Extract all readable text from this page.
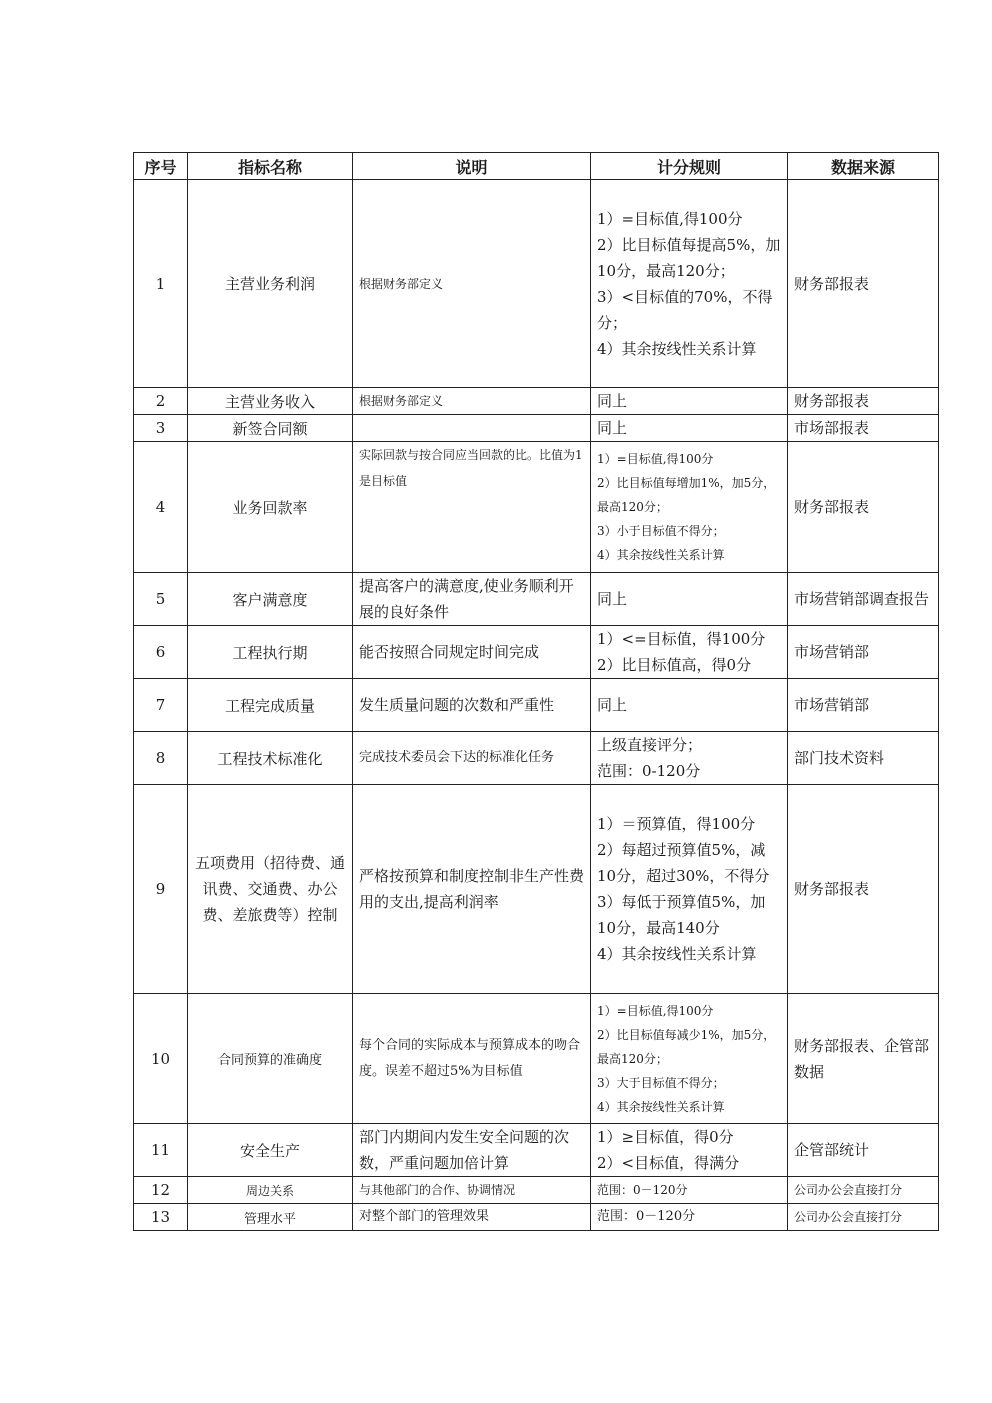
序号	指标名称	说明	计分规则	数据来源
1	主营业务利润	根据财务部定义	1）=目标值,得100分
2）比目标值每提高5%，加10分，最高120分；
3）<目标值的70%，不得分；
4）其余按线性关系计算	财务部报表
2	主营业务收入	根据财务部定义	同上	财务部报表
3	新签合同额		同上	市场部报表
4	业务回款率	实际回款与按合同应当回款的比。比值为1是目标值	1）=目标值,得100分
2）比目标值每增加1%，加5分，最高120分；
3）小于目标值不得分；
4）其余按线性关系计算	财务部报表
5	客户满意度	提高客户的满意度,使业务顺利开展的良好条件	同上	市场营销部调查报告
6	工程执行期	能否按照合同规定时间完成	1）<=目标值，得100分
2）比目标值高，得0分	市场营销部
7	工程完成质量	发生质量问题的次数和严重性	同上	市场营销部
8	工程技术标准化	完成技术委员会下达的标准化任务	上级直接评分；
范围：0-120分	部门技术资料
9	五项费用（招待费、通讯费、交通费、办公费、差旅费等）控制	严格按预算和制度控制非生产性费用的支出,提高利润率	1）＝预算值，得100分
2）每超过预算值5%，减10分，超过30%，不得分
3）每低于预算值5%，加10分，最高140分
4）其余按线性关系计算	财务部报表
10	合同预算的准确度	每个合同的实际成本与预算成本的吻合度。误差不超过5%为目标值	1）=目标值,得100分
2）比目标值每减少1%，加5分，最高120分；
3）大于目标值不得分；
4）其余按线性关系计算	财务部报表、企管部数据
11	安全生产	部门内期间内发生安全问题的次数，严重问题加倍计算	1）≥目标值，得0分
2）<目标值，得满分	企管部统计
12	周边关系	与其他部门的合作、协调情况	范围：0－120分	公司办公会直接打分
13	管理水平	对整个部门的管理效果	范围：0－120分	公司办公会直接打分
